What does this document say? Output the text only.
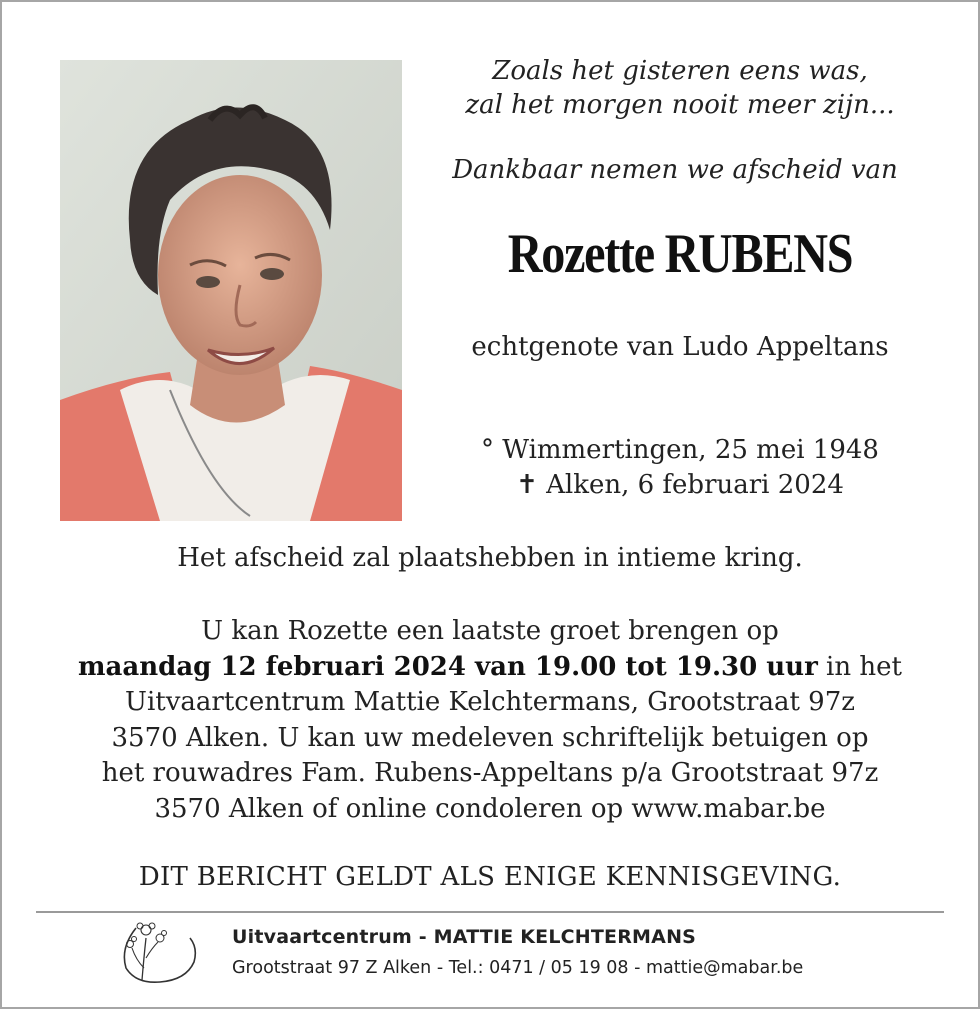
Zoals het gisteren eens was,
zal het morgen nooit meer zijn...
Dankbaar nemen we afscheid van
Rozette RUBENS
echtgenote van Ludo Appeltans
° Wimmertingen, 25 mei 1948
✝ Alken, 6 februari 2024
Het afscheid zal plaatshebben in intieme kring.
U kan Rozette een laatste groet brengen op
maandag 12 februari 2024 van 19.00 tot 19.30 uur in het
Uitvaartcentrum Mattie Kelchtermans, Grootstraat 97z
3570 Alken. U kan uw medeleven schriftelijk betuigen op
het rouwadres Fam. Rubens-Appeltans p/a Grootstraat 97z
3570 Alken of online condoleren op www.mabar.be
DIT BERICHT GELDT ALS ENIGE KENNISGEVING.
Uitvaartcentrum - MATTIE KELCHTERMANS
Grootstraat 97 Z Alken - Tel.: 0471 / 05 19 08 - mattie@mabar.be
